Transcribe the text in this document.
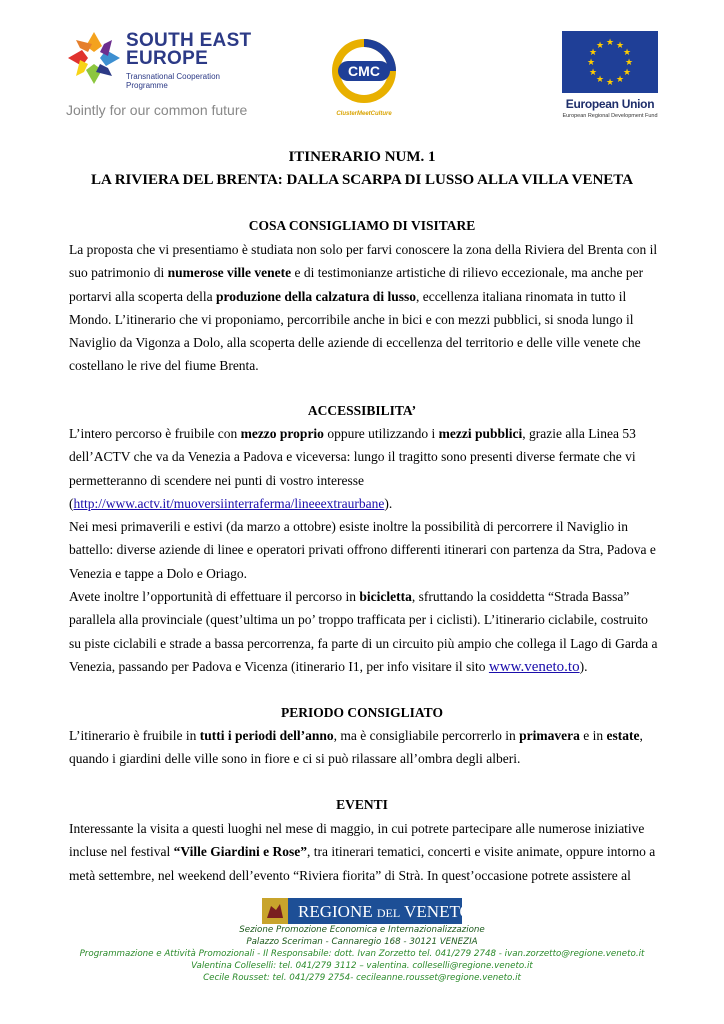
SOUTH EAST
EUROPE
Transnational Cooperation Programme
Jointly for our common future
CMC
ClusterMeetCulture
★ ★
★
★
★
★
★
★
★
★
★
★
European Union
European Regional Development Fund
ITINERARIO NUM. 1
LA RIVIERA DEL BRENTA: DALLA SCARPA DI LUSSO ALLA VILLA VENETA
COSA CONSIGLIAMO DI VISITARE

La proposta che vi presentiamo è studiata non solo per farvi conoscere la zona della Riviera del Brenta con il suo patrimonio di numerose ville venete e di testimonianze artistiche di rilievo eccezionale, ma anche per portarvi alla scoperta della produzione della calzatura di lusso, eccellenza italiana rinomata in tutto il Mondo. L’itinerario che vi proponiamo, percorribile anche in bici e con mezzi pubblici, si snoda lungo il Naviglio da Vigonza a Dolo, alla scoperta delle aziende di eccellenza del territorio e delle ville venete che costellano le rive del fiume Brenta.

ACCESSIBILITA’

L’intero percorso è fruibile con mezzo proprio oppure utilizzando i mezzi pubblici, grazie alla Linea 53 dell’ACTV che va da Venezia a Padova e viceversa: lungo il tragitto sono presenti diverse fermate che vi permetteranno di scendere nei punti di vostro interesse (http://www.actv.it/muoversiinterraferma/lineeextraurbane).

Nei mesi primaverili e estivi (da marzo a ottobre) esiste inoltre la possibilità di percorrere il Naviglio in battello: diverse aziende di linee e operatori privati offrono differenti itinerari con partenza da Stra, Padova e Venezia e tappe a Dolo e Oriago.

Avete inoltre l’opportunità di effettuare il percorso in bicicletta, sfruttando la cosiddetta “Strada Bassa” parallela alla provinciale (quest’ultima un po’ troppo trafficata per i ciclisti). L’itinerario ciclabile, costruito su piste ciclabili e strade a bassa percorrenza, fa parte di un circuito più ampio che collega il Lago di Garda a Venezia, passando per Padova e Vicenza (itinerario I1, per info visitare il sito www.veneto.to).

PERIODO CONSIGLIATO

L’itinerario è fruibile in tutti i periodi dell’anno, ma è consigliabile percorrerlo in primavera e in estate, quando i giardini delle ville sono in fiore e ci si può rilassare all’ombra degli alberi.

EVENTI

Interessante la visita a questi luoghi nel mese di maggio, in cui potrete partecipare alle numerose iniziative incluse nel festival “Ville Giardini e Rose”, tra itinerari tematici, concerti e visite animate, oppure intorno a metà settembre, nel weekend dell’evento “Riviera fiorita” di Strà. In quest’occasione potrete assistere al

REGIONE DEL VENETO
Sezione Promozione Economica e Internazionalizzazione
Palazzo Sceriman - Cannaregio 168 - 30121 VENEZIA
Programmazione e Attività Promozionali - Il Responsabile: dott. Ivan Zorzetto tel. 041/279 2748 - ivan.zorzetto@regione.veneto.it
Valentina Colleselli: tel. 041/279 3112 – valentina. colleselli@regione.veneto.it
Cecile Rousset: tel. 041/279 2754- cecileanne.rousset@regione.veneto.it
